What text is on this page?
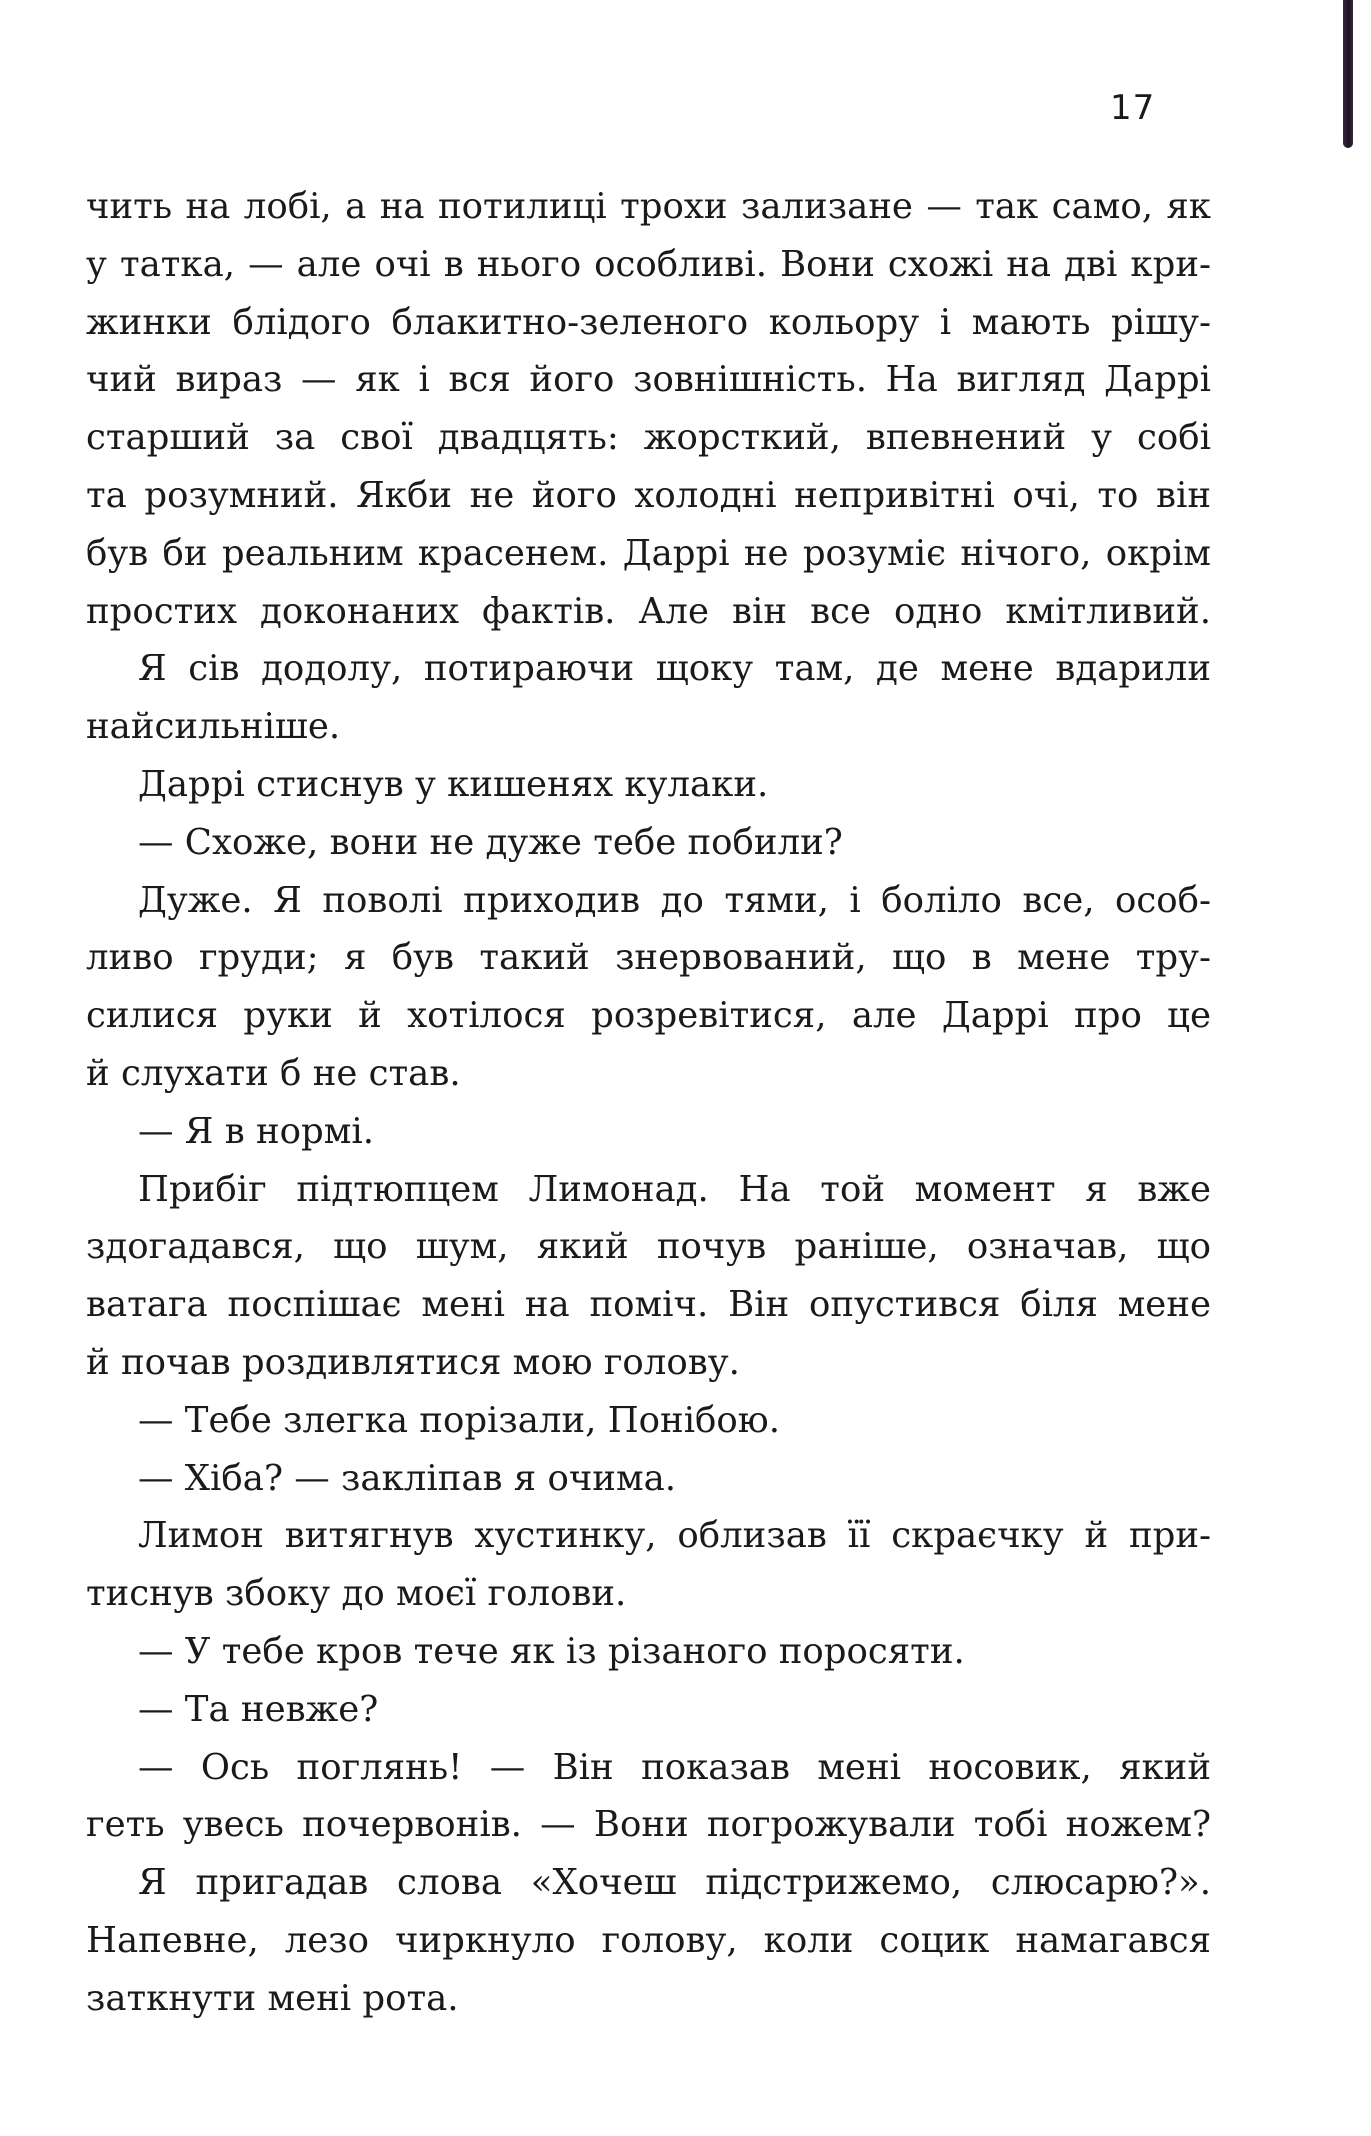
17
чить на лобі, а на потилиці трохи зализане — так само, як
у татка, — але очі в нього особливі. Вони схожі на дві кри-
жинки блідого блакитно-зеленого кольору і мають рішу-
чий вираз — як і вся його зовнішність. На вигляд Даррі
старший за свої двадцять: жорсткий, впевнений у собі
та розумний. Якби не його холодні непривітні очі, то він
був би реальним красенем. Даррі не розуміє нічого, окрім
простих доконаних фактів. Але він все одно кмітливий.
Я сів додолу, потираючи щоку там, де мене вдарили
найсильніше.
Даррі стиснув у кишенях кулаки.
— Схоже, вони не дуже тебе побили?
Дуже. Я поволі приходив до тями, і боліло все, особ-
ливо груди; я був такий знервований, що в мене тру-
силися руки й хотілося розревітися, але Даррі про це
й слухати б не став.
— Я в нормі.
Прибіг підтюпцем Лимонад. На той момент я вже
здогадався, що шум, який почув раніше, означав, що
ватага поспішає мені на поміч. Він опустився біля мене
й почав роздивлятися мою голову.
— Тебе злегка порізали, Понібою.
— Хіба? — закліпав я очима.
Лимон витягнув хустинку, облизав її скраєчку й при-
тиснув збоку до моєї голови.
— У тебе кров тече як із різаного поросяти.
— Та невже?
— Ось поглянь! — Він показав мені носовик, який
геть увесь почервонів. — Вони погрожували тобі ножем?
Я пригадав слова «Хочеш підстрижемо, слюсарю?».
Напевне, лезо чиркнуло голову, коли социк намагався
заткнути мені рота.
